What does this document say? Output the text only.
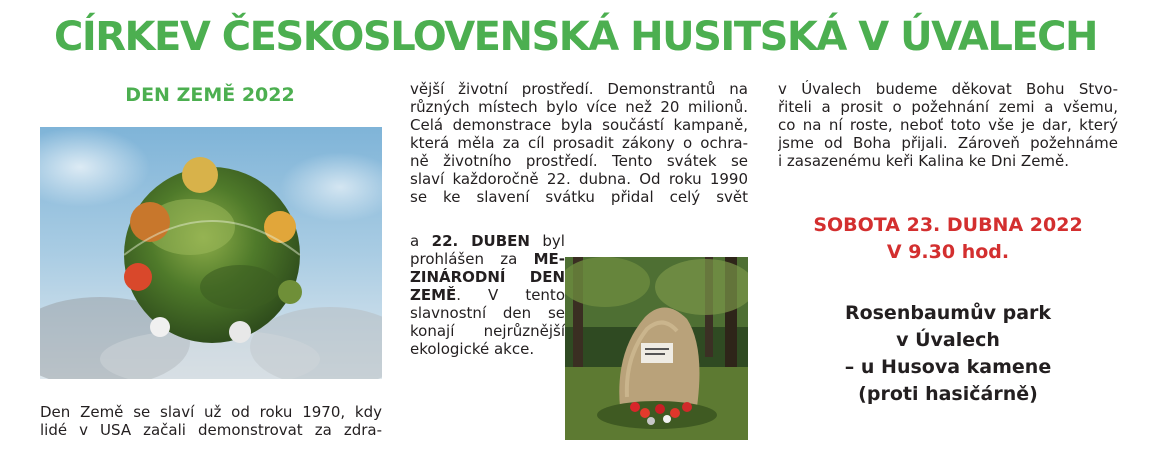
CÍRKEV ČESKOSLOVENSKÁ HUSITSKÁ V ÚVALECH
DEN ZEMĚ 2022
Den Země se slaví už od roku 1970, kdy
lidé v USA začali demonstrovat za zdra-
vější životní prostředí. Demonstrantů na
různých místech bylo více než 20 milionů.
Celá demonstrace byla součástí kampaně,
která měla za cíl prosadit zákony o ochra-
ně životního prostředí. Tento svátek se
slaví každoročně 22. dubna. Od roku 1990
se ke slavení svátku přidal celý svět
a 22. DUBEN byl
prohlášen za ME-
ZINÁRODNÍ DEN
ZEMĚ. V tento
slavnostní den se
konají nejrůznější
ekologické akce.
v Úvalech budeme děkovat Bohu Stvo-
řiteli a prosit o požehnání zemi a všemu,
co na ní roste, neboť toto vše je dar, který
jsme od Boha přijali. Zároveň požehnáme
i zasazenému keři Kalina ke Dni Země.
SOBOTA 23. DUBNA 2022
V 9.30 hod.
Rosenbaumův park
v Úvalech
– u Husova kamene
(proti hasičárně)
